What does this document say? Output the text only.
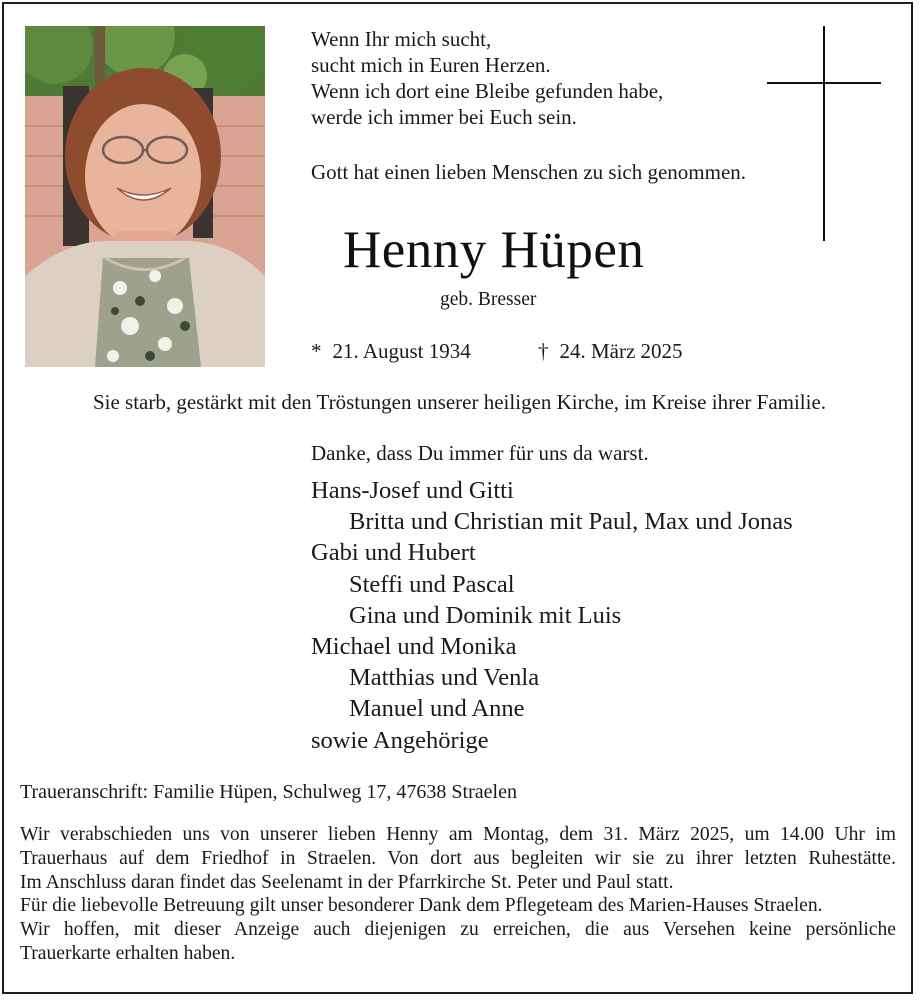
Wenn Ihr mich sucht,
sucht mich in Euren Herzen.
Wenn ich dort eine Bleibe gefunden habe,
werde ich immer bei Euch sein.
Gott hat einen lieben Menschen zu sich genommen.
Henny Hüpen
geb. Bresser
* 21. August 1934	† 24. März 2025
Sie starb, gestärkt mit den Tröstungen unserer heiligen Kirche, im Kreise ihrer Familie.
Danke, dass Du immer für uns da warst.
Hans-Josef und Gitti
Britta und Christian mit Paul, Max und Jonas
Gabi und Hubert
Steffi und Pascal
Gina und Dominik mit Luis
Michael und Monika
Matthias und Venla
Manuel und Anne
sowie Angehörige
Traueranschrift: Familie Hüpen, Schulweg 17, 47638 Straelen
Wir verabschieden uns von unserer lieben Henny am Montag, dem 31. März 2025, um 14.00 Uhr im
Trauerhaus auf dem Friedhof in Straelen. Von dort aus begleiten wir sie zu ihrer letzten Ruhestätte.
Im Anschluss daran findet das Seelenamt in der Pfarrkirche St. Peter und Paul statt.
Für die liebevolle Betreuung gilt unser besonderer Dank dem Pflegeteam des Marien-Hauses Straelen.
Wir hoffen, mit dieser Anzeige auch diejenigen zu erreichen, die aus Versehen keine persönliche
Trauerkarte erhalten haben.
